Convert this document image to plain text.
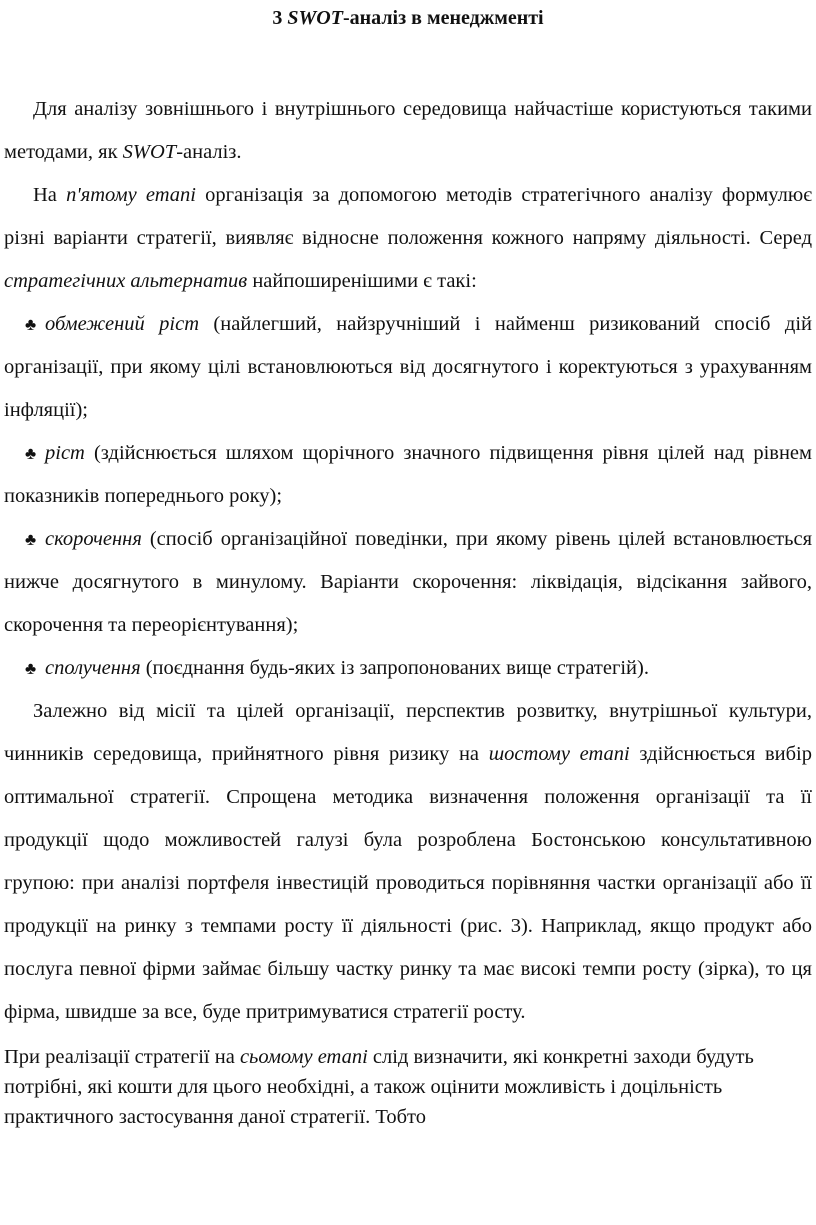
3 SWOT-аналіз в менеджменті

Для аналізу зовнішнього і внутрішнього середовища найчастіше користуються такими методами, як SWOT-аналіз.

На п'ятому етапі організація за допомогою методів стратегічного аналізу формулює різні варіанти стратегії, виявляє відносне положення кожного напряму діяльності. Серед стратегічних альтернатив найпоширенішими є такі:

♣ обмежений ріст (найлегший, найзручніший і найменш ризикований спосіб дій організації, при якому цілі встановлюються від досягнутого і коректуються з урахуванням інфляції);

♣ ріст (здійснюється шляхом щорічного значного підвищення рівня цілей над рівнем показників попереднього року);

♣ скорочення (спосіб організаційної поведінки, при якому рівень цілей встановлюється нижче досягнутого в минулому. Варіанти скорочення: ліквідація, відсікання зайвого, скорочення та переорієнтування);

♣ сполучення (поєднання будь-яких із запропонованих вище стратегій).

Залежно від місії та цілей організації, перспектив розвитку, внутрішньої культури, чинників середовища, прийнятного рівня ризику на шостому етапі здійснюється вибір оптимальної стратегії. Спрощена методика визначення положення організації та її продукції щодо можливостей галузі була розроблена Бостонською консультативною групою: при аналізі портфеля інвестицій проводиться порівняння частки організації або її продукції на ринку з темпами росту її діяльності (рис. 3). Наприклад, якщо продукт або послуга певної фірми займає більшу частку ринку та має високі темпи росту (зірка), то ця фірма, швидше за все, буде притримуватися стратегії росту.

При реалізації стратегії на сьомому етапі слід визначити, які конкретні заходи будуть потрібні, які кошти для цього необхідні, а також оцінити можливість і доцільність практичного застосування даної стратегії. Тобто
